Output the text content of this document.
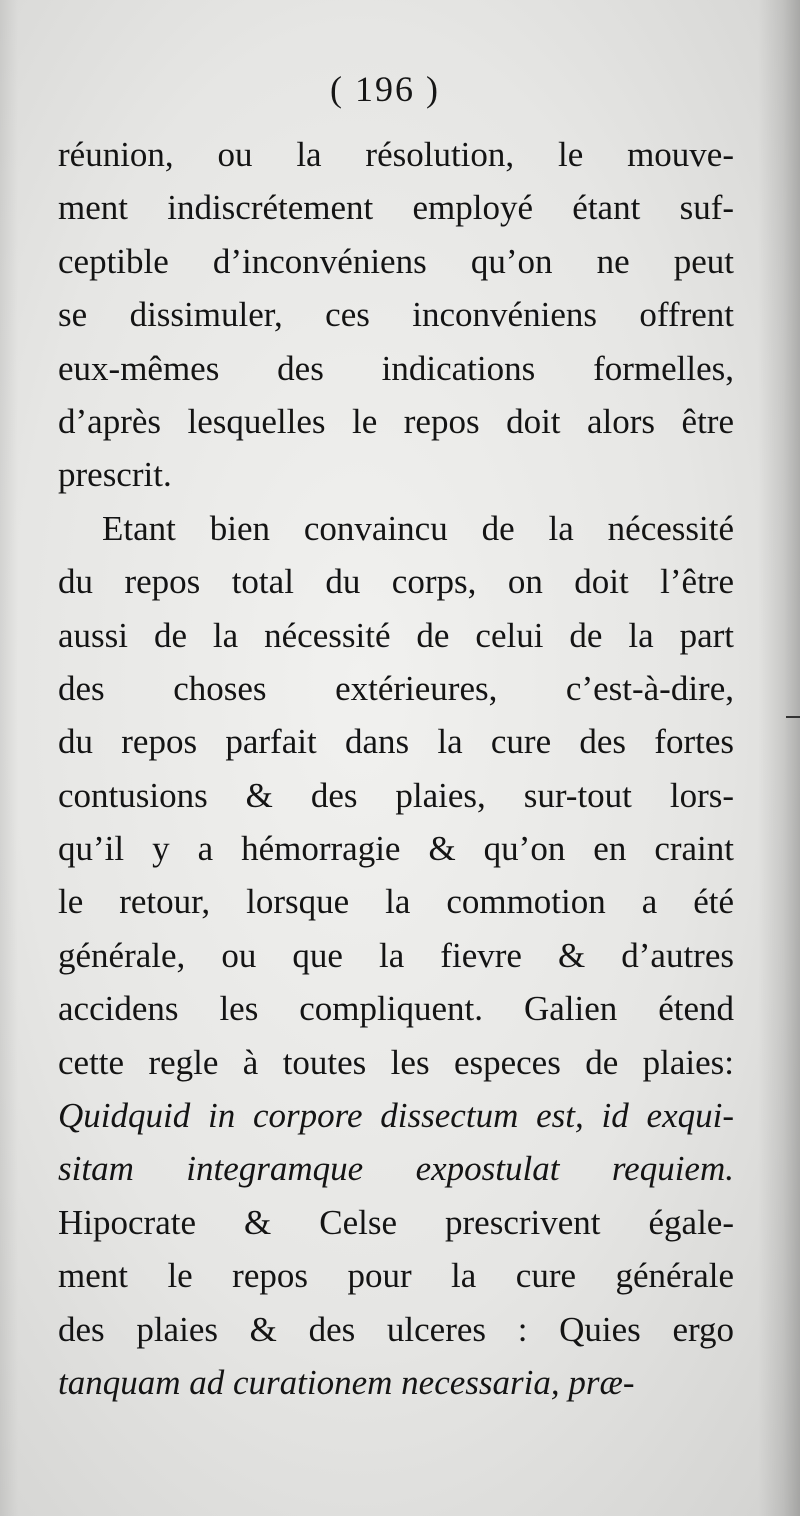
( 196 )
réunion, ou la résolution, le mouve-
ment indiscrétement employé étant suf-
ceptible d’inconvéniens qu’on ne peut
se dissimuler, ces inconvéniens offrent
eux-mêmes des indications formelles,
d’après lesquelles le repos doit alors être
prescrit.
Etant bien convaincu de la nécessité
du repos total du corps, on doit l’être
aussi de la nécessité de celui de la part
des choses extérieures, c’est-à-dire,
du repos parfait dans la cure des fortes
contusions & des plaies, sur-tout lors-
qu’il y a hémorragie & qu’on en craint
le retour, lorsque la commotion a été
générale, ou que la fievre & d’autres
accidens les compliquent. Galien étend
cette regle à toutes les especes de plaies:
Quidquid in corpore dissectum est, id exqui-
sitam integramque expostulat requiem.
Hipocrate & Celse prescrivent égale-
ment le repos pour la cure générale
des plaies & des ulceres : Quies ergo
tanquam ad curationem necessaria, præ-
